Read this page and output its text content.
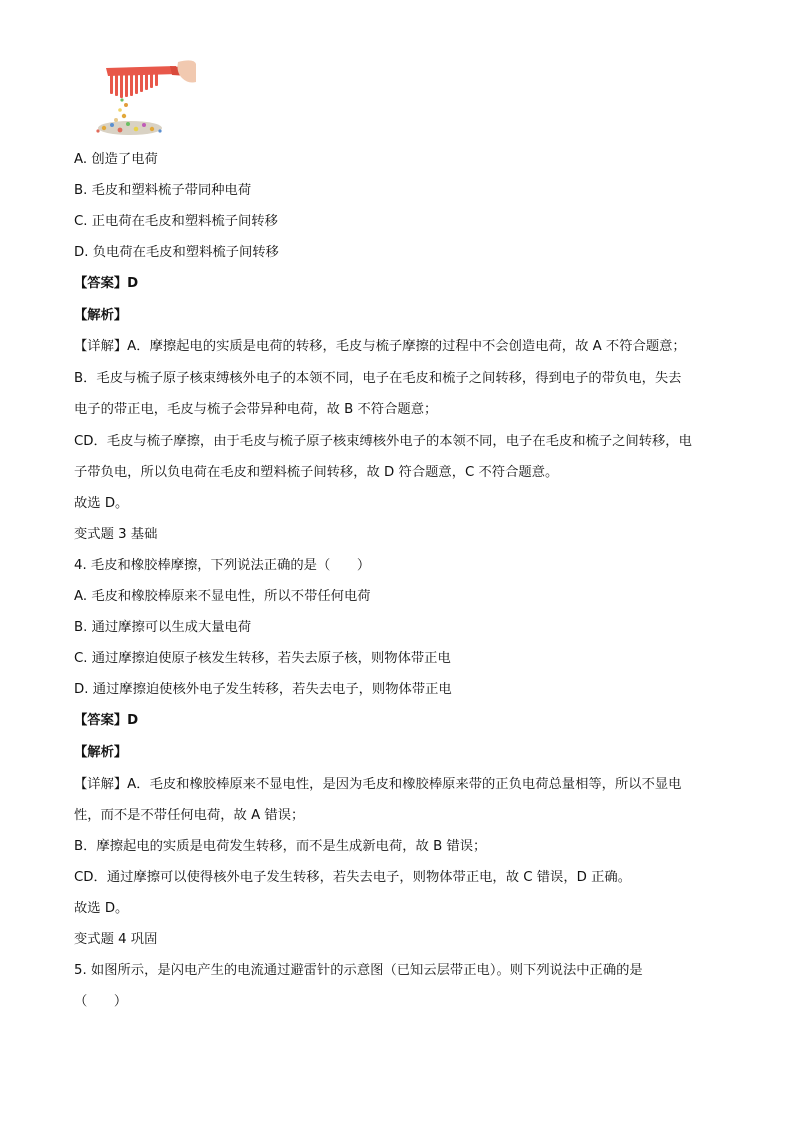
A. 创造了电荷
B. 毛皮和塑料梳子带同种电荷
C. 正电荷在毛皮和塑料梳子间转移
D. 负电荷在毛皮和塑料梳子间转移
【答案】D
【解析】
【详解】A．摩擦起电的实质是电荷的转移，毛皮与梳子摩擦的过程中不会创造电荷，故 A 不符合题意；
B．毛皮与梳子原子核束缚核外电子的本领不同，电子在毛皮和梳子之间转移，得到电子的带负电，失去
电子的带正电，毛皮与梳子会带异种电荷，故 B 不符合题意；
CD．毛皮与梳子摩擦，由于毛皮与梳子原子核束缚核外电子的本领不同，电子在毛皮和梳子之间转移，电
子带负电，所以负电荷在毛皮和塑料梳子间转移，故 D 符合题意，C 不符合题意。
故选 D。
变式题 3 基础
4. 毛皮和橡胶棒摩擦，下列说法正确的是（　　）
A. 毛皮和橡胶棒原来不显电性，所以不带任何电荷
B. 通过摩擦可以生成大量电荷
C. 通过摩擦迫使原子核发生转移，若失去原子核，则物体带正电
D. 通过摩擦迫使核外电子发生转移，若失去电子，则物体带正电
【答案】D
【解析】
【详解】A．毛皮和橡胶棒原来不显电性，是因为毛皮和橡胶棒原来带的正负电荷总量相等，所以不显电
性，而不是不带任何电荷，故 A 错误；
B．摩擦起电的实质是电荷发生转移，而不是生成新电荷，故 B 错误；
CD．通过摩擦可以使得核外电子发生转移，若失去电子，则物体带正电，故 C 错误，D 正确。
故选 D。
变式题 4 巩固
5. 如图所示，是闪电产生的电流通过避雷针的示意图（已知云层带正电）。则下列说法中正确的是
（　　）
